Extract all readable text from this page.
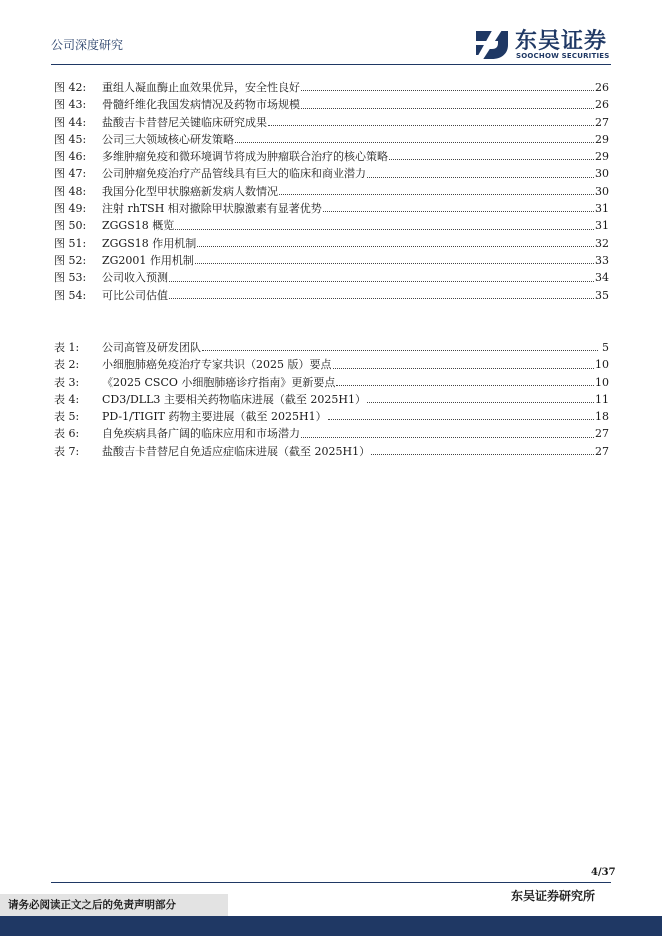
公司深度研究	东吴证券
SOOCHOW SECURITIES
图 42:	重组人凝血酶止血效果优异，安全性良好	26
图 43:	骨髓纤维化我国发病情况及药物市场规模	26
图 44:	盐酸吉卡昔替尼关键临床研究成果	27
图 45:	公司三大领域核心研发策略	29
图 46:	多维肿瘤免疫和微环境调节将成为肿瘤联合治疗的核心策略	29
图 47:	公司肿瘤免疫治疗产品管线具有巨大的临床和商业潜力	30
图 48:	我国分化型甲状腺癌新发病人数情况	30
图 49:	注射 rhTSH 相对撤除甲状腺激素有显著优势	31
图 50:	ZGGS18 概览	31
图 51:	ZGGS18 作用机制	32
图 52:	ZG2001 作用机制	33
图 53:	公司收入预测	34
图 54:	可比公司估值	35
表 1:	公司高管及研发团队	5
表 2:	小细胞肺癌免疫治疗专家共识（2025 版）要点	10
表 3:	《2025 CSCO 小细胞肺癌诊疗指南》更新要点	10
表 4:	CD3/DLL3 主要相关药物临床进展（截至 2025H1）	11
表 5:	PD-1/TIGIT 药物主要进展（截至 2025H1）	18
表 6:	自免疾病具备广阔的临床应用和市场潜力	27
表 7:	盐酸吉卡昔替尼自免适应症临床进展（截至 2025H1）	27
4/37
东吴证券研究所
请务必阅读正文之后的免责声明部分
